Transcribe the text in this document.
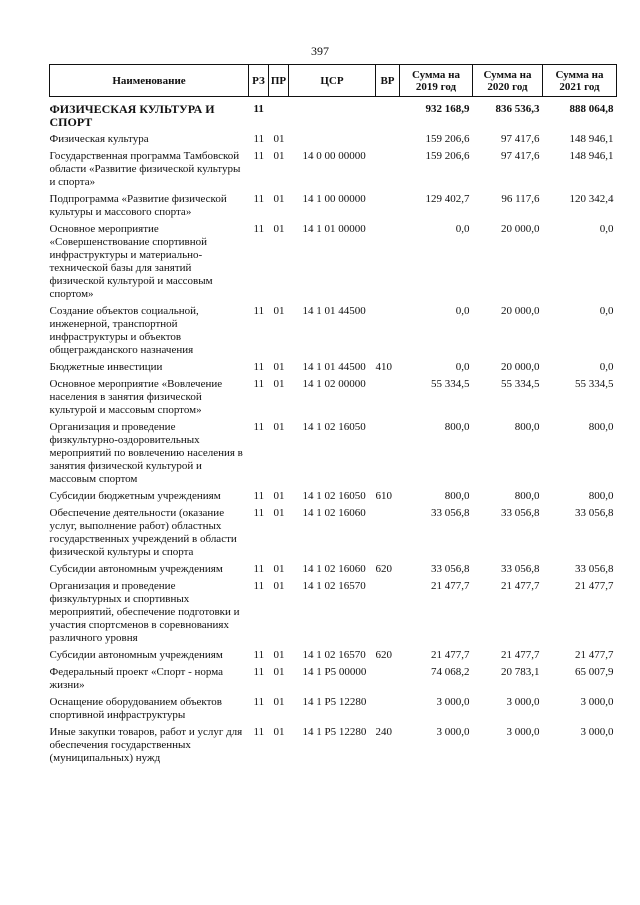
397
Наименование	РЗ	ПР	ЦСР	ВР	Сумма на 2019 год	Сумма на 2020 год	Сумма на 2021 год
ФИЗИЧЕСКАЯ КУЛЬТУРА И СПОРТ	11				932 168,9	836 536,3	888 064,8
Физическая культура	11	01			159 206,6	97 417,6	148 946,1
Государственная программа Тамбовской области «Развитие физической культуры и спорта»	11	01	14 0 00 00000		159 206,6	97 417,6	148 946,1
Подпрограмма «Развитие физической культуры и массового спорта»	11	01	14 1 00 00000		129 402,7	96 117,6	120 342,4
Основное мероприятие «Совершенствование спортивной инфраструктуры и материально-технической базы для занятий физической культурой и массовым спортом»	11	01	14 1 01 00000		0,0	20 000,0	0,0
Создание объектов социальной, инженерной, транспортной инфраструктуры и объектов общегражданского назначения	11	01	14 1 01 44500		0,0	20 000,0	0,0
Бюджетные инвестиции	11	01	14 1 01 44500	410	0,0	20 000,0	0,0
Основное мероприятие «Вовлечение населения в занятия физической культурой и массовым спортом»	11	01	14 1 02 00000		55 334,5	55 334,5	55 334,5
Организация и проведение физкультурно-оздоровительных мероприятий по вовлечению населения в занятия физической культурой и массовым спортом	11	01	14 1 02 16050		800,0	800,0	800,0
Субсидии бюджетным учреждениям	11	01	14 1 02 16050	610	800,0	800,0	800,0
Обеспечение деятельности (оказание услуг, выполнение работ) областных государственных учреждений в области физической культуры и спорта	11	01	14 1 02 16060		33 056,8	33 056,8	33 056,8
Субсидии автономным учреждениям	11	01	14 1 02 16060	620	33 056,8	33 056,8	33 056,8
Организация и проведение физкультурных и спортивных мероприятий, обеспечение подготовки и участия спортсменов в соревнованиях различного уровня	11	01	14 1 02 16570		21 477,7	21 477,7	21 477,7
Субсидии автономным учреждениям	11	01	14 1 02 16570	620	21 477,7	21 477,7	21 477,7
Федеральный проект «Спорт - норма жизни»	11	01	14 1 P5 00000		74 068,2	20 783,1	65 007,9
Оснащение оборудованием объектов спортивной инфраструктуры	11	01	14 1 P5 12280		3 000,0	3 000,0	3 000,0
Иные закупки товаров, работ и услуг для обеспечения государственных (муниципальных) нужд	11	01	14 1 P5 12280	240	3 000,0	3 000,0	3 000,0
